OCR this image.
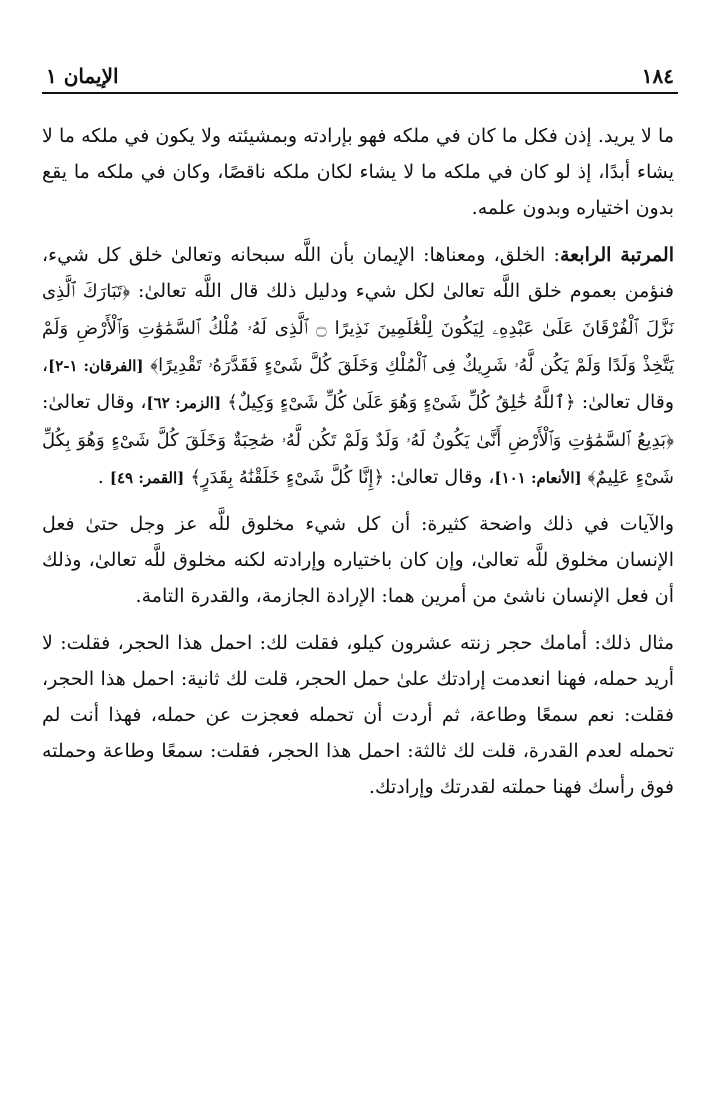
١٨٤
الإيمان ١

ما لا يريد. إذن فكل ما كان في ملكه فهو بإرادته وبمشيئته ولا يكون في ملكه ما لا يشاء أبدًا، إذ لو كان في ملكه ما لا يشاء لكان ملكه ناقصًا، وكان في ملكه ما يقع بدون اختياره وبدون علمه.

المرتبة الرابعة: الخلق، ومعناها: الإيمان بأن اللَّه سبحانه وتعالىٰ خلق كل شيء، فنؤمن بعموم خلق اللَّه تعالىٰ لكل شيء ودليل ذلك قال اللَّه تعالىٰ: ﴿تَبَارَكَ ٱلَّذِى نَزَّلَ ٱلْفُرْقَانَ عَلَىٰ عَبْدِهِۦ لِيَكُونَ لِلْعَٰلَمِينَ نَذِيرًا ۝ ٱلَّذِى لَهُۥ مُلْكُ ٱلسَّمَٰوَٰتِ وَٱلْأَرْضِ وَلَمْ يَتَّخِذْ وَلَدًا وَلَمْ يَكُن لَّهُۥ شَرِيكٌ فِى ٱلْمُلْكِ وَخَلَقَ كُلَّ شَىْءٍ فَقَدَّرَهُۥ تَقْدِيرًا﴾ [الفرقان: ١-٢]، وقال تعالىٰ: ﴿ٱللَّهُ خَٰلِقُ كُلِّ شَىْءٍ وَهُوَ عَلَىٰ كُلِّ شَىْءٍ وَكِيلٌ﴾ [الزمر: ٦٢]، وقال تعالىٰ: ﴿بَدِيعُ ٱلسَّمَٰوَٰتِ وَٱلْأَرْضِ أَنَّىٰ يَكُونُ لَهُۥ وَلَدٌ وَلَمْ تَكُن لَّهُۥ صَٰحِبَةٌ وَخَلَقَ كُلَّ شَىْءٍ وَهُوَ بِكُلِّ شَىْءٍ عَلِيمٌ﴾ [الأنعام: ١٠١]، وقال تعالىٰ: ﴿إِنَّا كُلَّ شَىْءٍ خَلَقْنَٰهُ بِقَدَرٍ﴾ [القمر: ٤٩] .

والآيات في ذلك واضحة كثيرة: أن كل شيء مخلوق للَّه عز وجل حتىٰ فعل الإنسان مخلوق للَّه تعالىٰ، وإن كان باختياره وإرادته لكنه مخلوق للَّه تعالىٰ، وذلك أن فعل الإنسان ناشئ من أمرين هما: الإرادة الجازمة، والقدرة التامة.

مثال ذلك: أمامك حجر زنته عشرون كيلو، فقلت لك: احمل هذا الحجر، فقلت: لا أريد حمله، فهنا انعدمت إرادتك علىٰ حمل الحجر، قلت لك ثانية: احمل هذا الحجر، فقلت: نعم سمعًا وطاعة، ثم أردت أن تحمله فعجزت عن حمله، فهذا أنت لم تحمله لعدم القدرة، قلت لك ثالثة: احمل هذا الحجر، فقلت: سمعًا وطاعة وحملته فوق رأسك فهنا حملته لقدرتك وإرادتك.
